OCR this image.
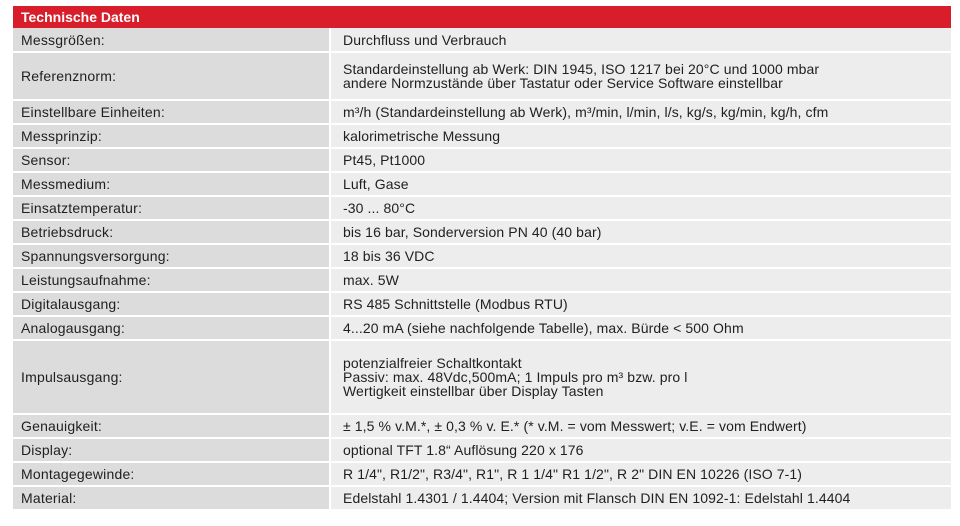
Technische Daten
Messgrößen:	Durchfluss und Verbrauch

Referenznorm:	Standardeinstellung ab Werk: DIN 1945, ISO 1217 bei 20°C und 1000 mbar
andere Normzustände über Tastatur oder Service Software einstellbar

Einstellbare Einheiten:	m³/h (Standardeinstellung ab Werk), m³/min, l/min, l/s, kg/s, kg/min, kg/h, cfm

Messprinzip:	kalorimetrische Messung

Sensor:	Pt45, Pt1000

Messmedium:	Luft, Gase

Einsatztemperatur:	-30 ... 80°C

Betriebsdruck:	bis 16 bar, Sonderversion PN 40 (40 bar)

Spannungsversorgung:	18 bis 36 VDC

Leistungsaufnahme:	max. 5W

Digitalausgang:	RS 485 Schnittstelle (Modbus RTU)

Analogausgang:	4...20 mA (siehe nachfolgende Tabelle), max. Bürde < 500 Ohm

Impulsausgang:	potenzialfreier Schaltkontakt
Passiv: max. 48Vdc,500mA; 1 Impuls pro m³ bzw. pro l
Wertigkeit einstellbar über Display Tasten

Genauigkeit:	± 1,5 % v.M.*, ± 0,3 % v. E.* (* v.M. = vom Messwert; v.E. = vom Endwert)

Display:	optional TFT 1.8“ Auflösung 220 x 176

Montagegewinde:	R 1/4", R1/2", R3/4", R1", R 1 1/4" R1 1/2", R 2" DIN EN 10226 (ISO 7-1)

Material:	Edelstahl 1.4301 / 1.4404; Version mit Flansch DIN EN 1092-1: Edelstahl 1.4404
